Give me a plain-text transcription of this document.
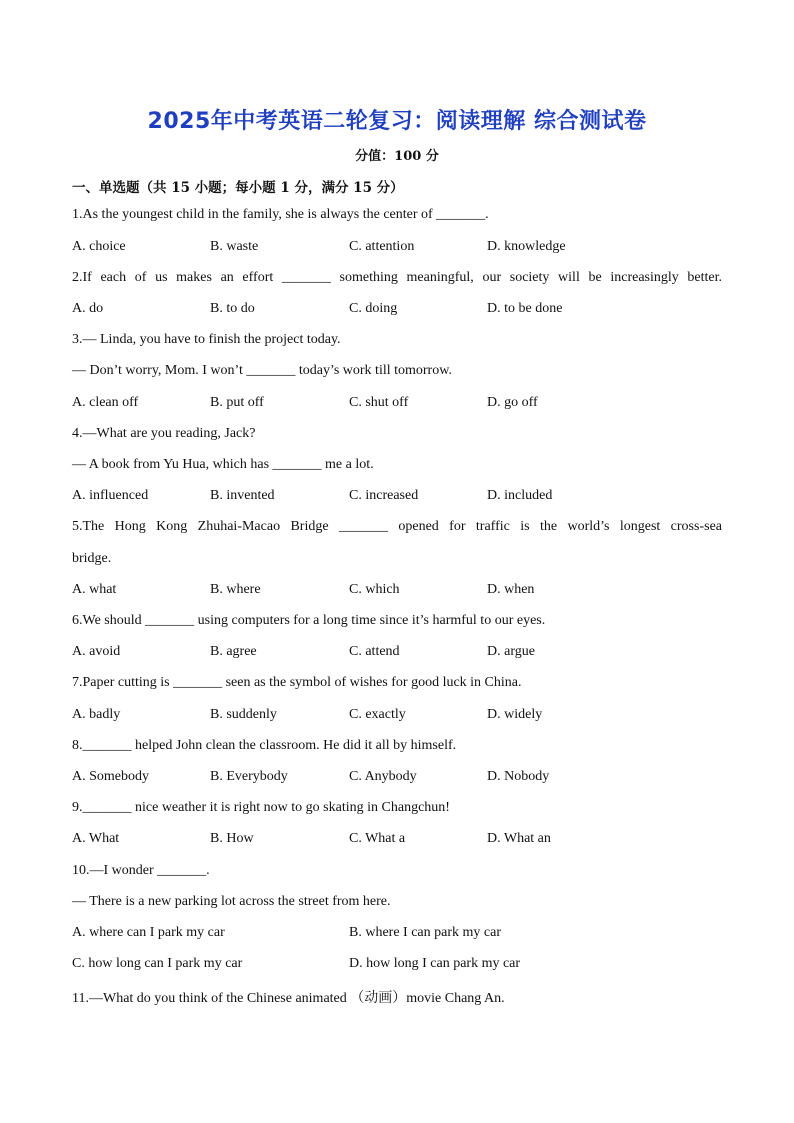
2025年中考英语二轮复习：阅读理解 综合测试卷
分值：100 分
一、单选题（共 15 小题；每小题 1 分，满分 15 分）
1.As the youngest child in the family, she is always the center of _______.
A. choice	B. waste	C. attention	D. knowledge
2.If each of us makes an effort _______ something meaningful, our society will be increasingly better.
A. do	B. to do	C. doing	D. to be done
3.— Linda, you have to finish the project today.
— Don’t worry, Mom. I won’t _______ today’s work till tomorrow.
A. clean off	B. put off	C. shut off	D. go off
4.—What are you reading, Jack?
— A book from Yu Hua, which has _______ me a lot.
A. influenced	B. invented	C. increased	D. included
5.The Hong Kong Zhuhai-Macao Bridge _______ opened for traffic is the world’s longest cross-sea
bridge.
A. what	B. where	C. which	D. when
6.We should _______ using computers for a long time since it’s harmful to our eyes.
A. avoid	B. agree	C. attend	D. argue
7.Paper cutting is _______ seen as the symbol of wishes for good luck in China.
A. badly	B. suddenly	C. exactly	D. widely
8._______ helped John clean the classroom. He did it all by himself.
A. Somebody	B. Everybody	C. Anybody	D. Nobody
9._______ nice weather it is right now to go skating in Changchun!
A. What	B. How	C. What a	D. What an
10.—I wonder _______.
— There is a new parking lot across the street from here.
A. where can I park my car	B. where I can park my car
C. how long can I park my car	D. how long I can park my car
11.—What do you think of the Chinese animated （动画）movie Chang An.
